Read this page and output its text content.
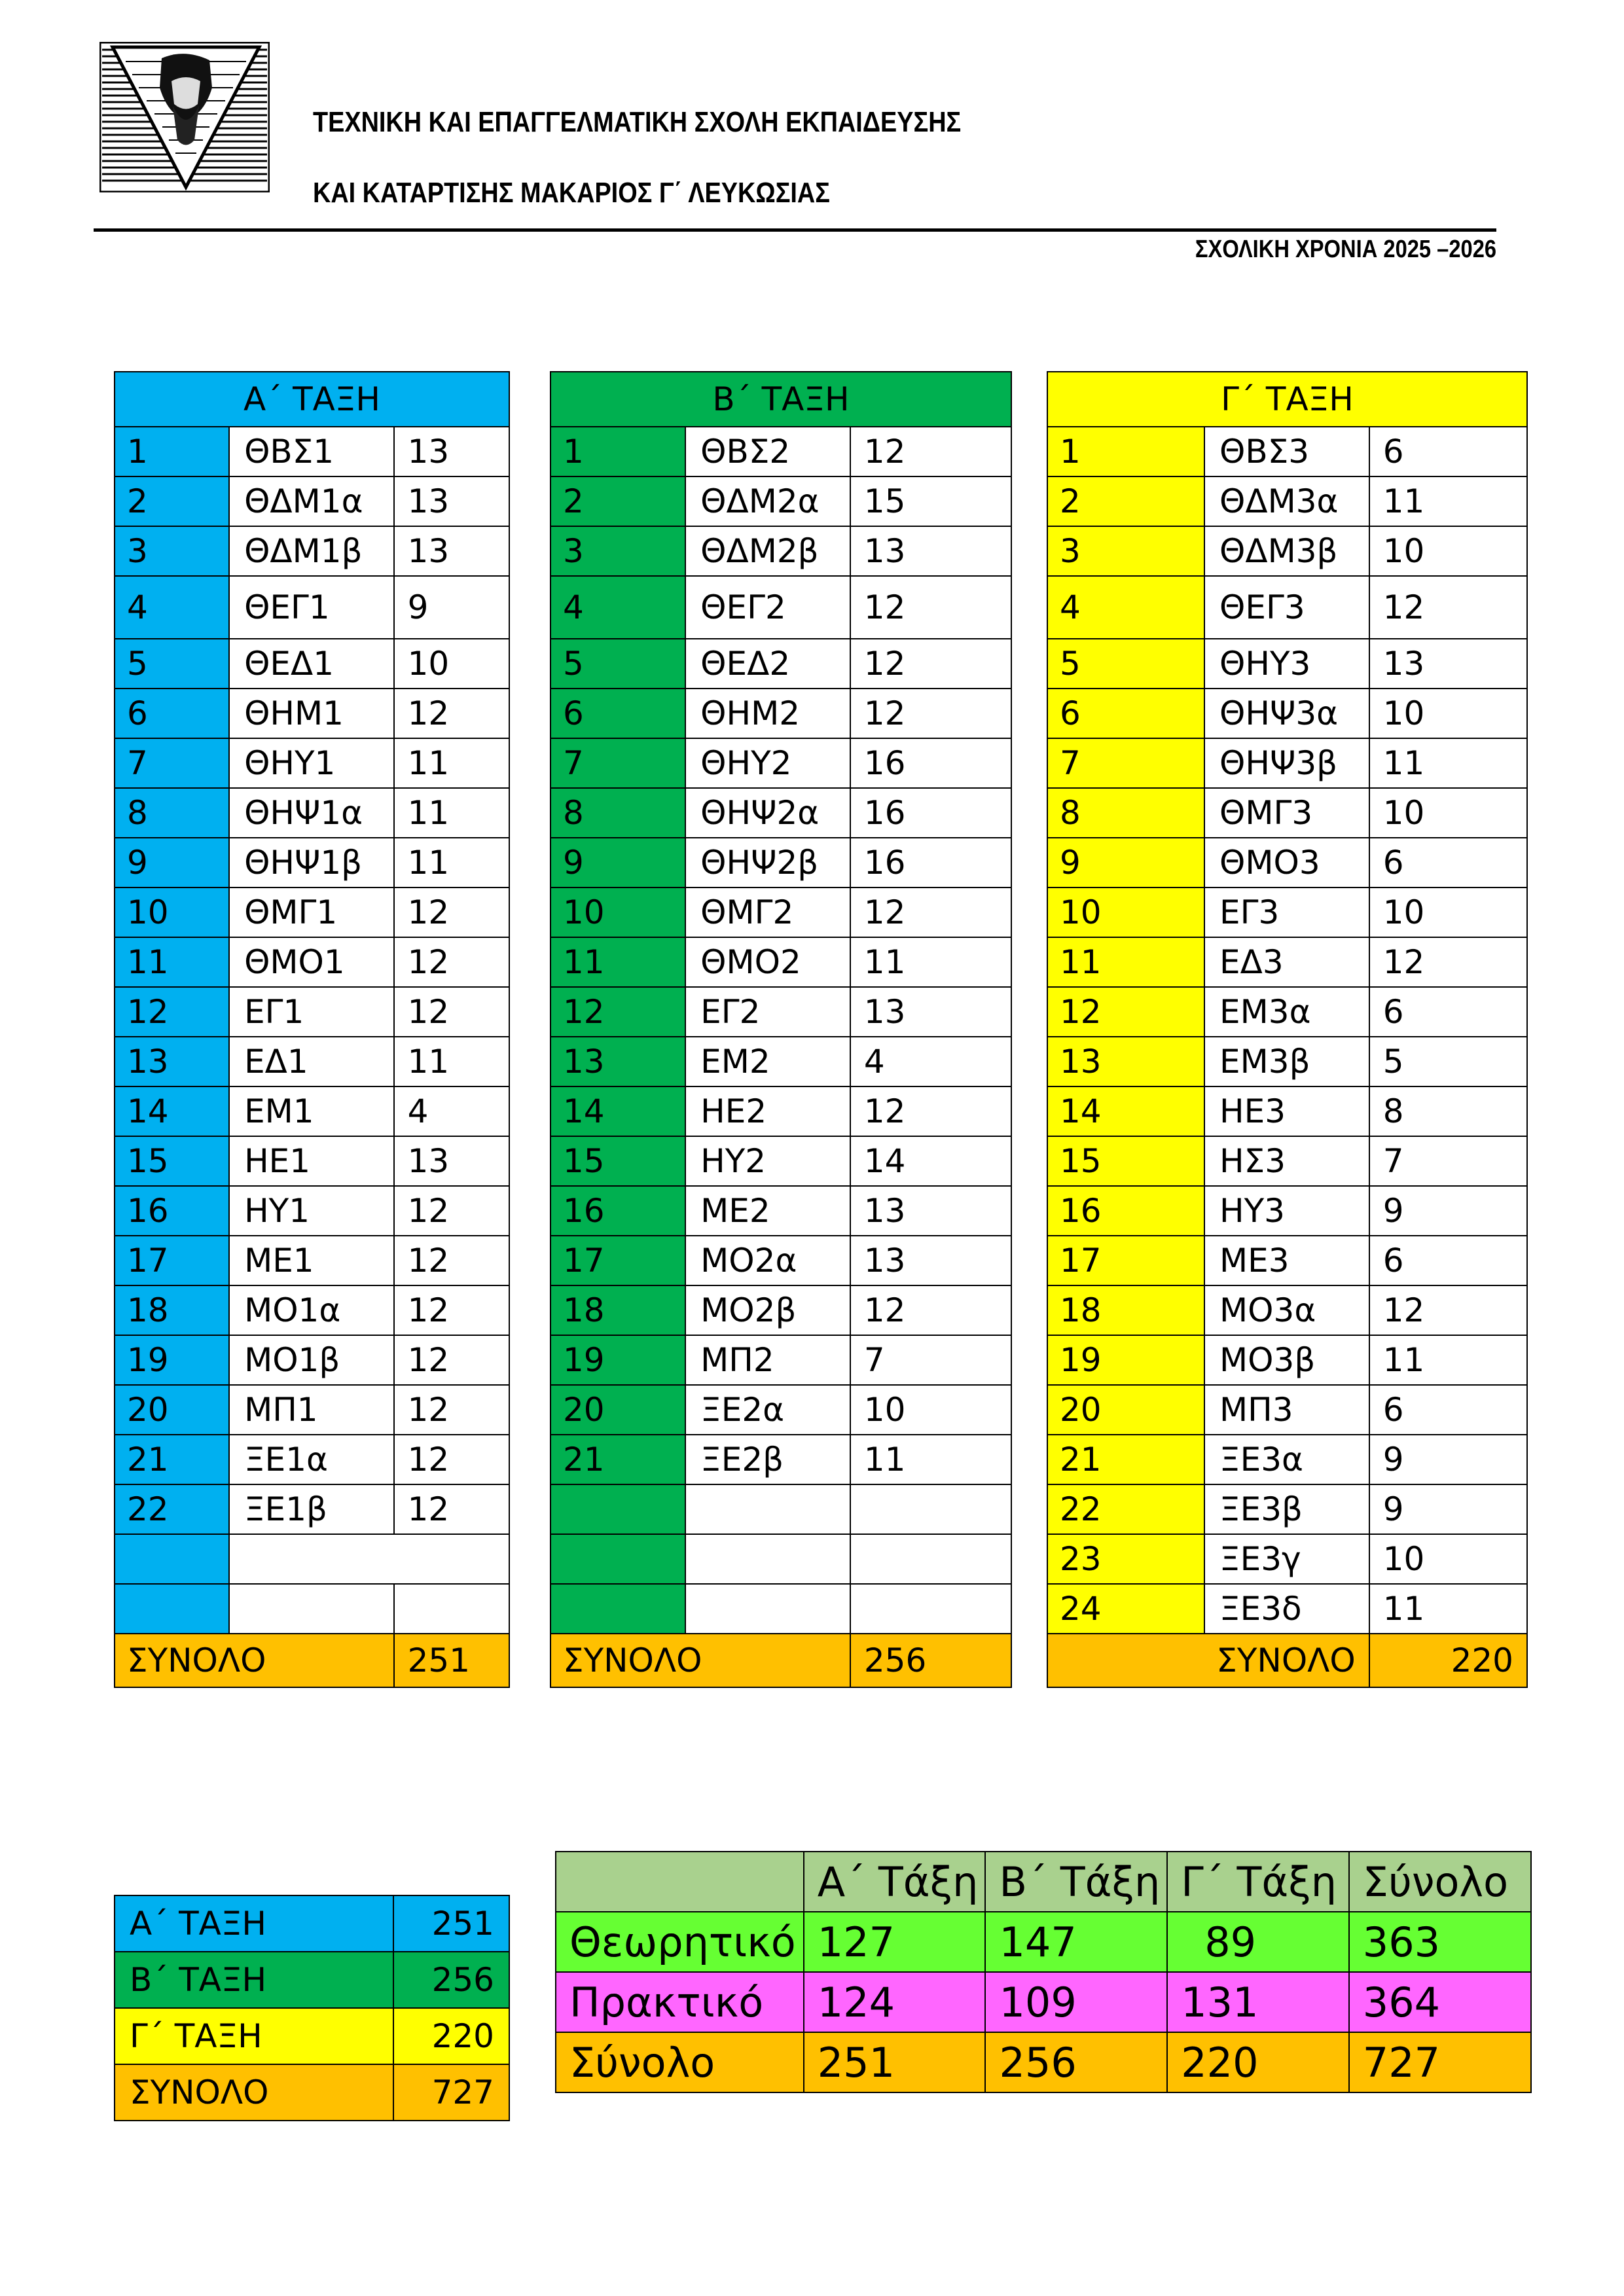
ΤΕΧΝΙΚΗ ΚΑΙ ΕΠΑΓΓΕΛΜΑΤΙΚΗ ΣΧΟΛΗ ΕΚΠΑΙΔΕΥΣΗΣ
ΚΑΙ ΚΑΤΑΡΤΙΣΗΣ ΜΑΚΑΡΙΟΣ Γ΄ ΛΕΥΚΩΣΙΑΣ
ΣΧΟΛΙΚΗ ΧΡΟΝΙΑ 2025 –2026
Α΄ ΤΑΞΗ		
1	ΘΒΣ1	13
2	ΘΔΜ1α	13
3	ΘΔΜ1β	13
4	ΘΕΓ1	9
5	ΘΕΔ1	10
6	ΘΗΜ1	12
7	ΘΗΥ1	11
8	ΘΗΨ1α	11
9	ΘΗΨ1β	11
10	ΘΜΓ1	12
11	ΘΜΟ1	12
12	ΕΓ1	12
13	ΕΔ1	11
14	ΕΜ1	4
15	ΗΕ1	13
16	ΗΥ1	12
17	ΜΕ1	12
18	ΜΟ1α	12
19	ΜΟ1β	12
20	ΜΠ1	12
21	ΞΕ1α	12
22	ΞΕ1β	12

ΣΥΝΟΛΟ		251
Β΄ ΤΑΞΗ		
1	ΘΒΣ2	12
2	ΘΔΜ2α	15
3	ΘΔΜ2β	13
4	ΘΕΓ2	12
5	ΘΕΔ2	12
6	ΘΗΜ2	12
7	ΘΗΥ2	16
8	ΘΗΨ2α	16
9	ΘΗΨ2β	16
10	ΘΜΓ2	12
11	ΘΜΟ2	11
12	ΕΓ2	13
13	ΕΜ2	4
14	ΗΕ2	12
15	ΗΥ2	14
16	ΜΕ2	13
17	ΜΟ2α	13
18	ΜΟ2β	12
19	ΜΠ2	7
20	ΞΕ2α	10
21	ΞΕ2β	11

ΣΥΝΟΛΟ		256
Γ΄ ΤΑΞΗ		
1	ΘΒΣ3	6
2	ΘΔΜ3α	11
3	ΘΔΜ3β	10
4	ΘΕΓ3	12
5	ΘΗΥ3	13
6	ΘΗΨ3α	10
7	ΘΗΨ3β	11
8	ΘΜΓ3	10
9	ΘΜΟ3	6
10	ΕΓ3	10
11	ΕΔ3	12
12	ΕΜ3α	6
13	ΕΜ3β	5
14	ΗΕ3	8
15	ΗΣ3	7
16	ΗΥ3	9
17	ΜΕ3	6
18	ΜΟ3α	12
19	ΜΟ3β	11
20	ΜΠ3	6
21	ΞΕ3α	9
22	ΞΕ3β	9
23	ΞΕ3γ	10
24	ΞΕ3δ	11
ΣΥΝΟΛΟ		220
Α΄ ΤΑΞΗ	251
Β΄ ΤΑΞΗ	256
Γ΄ ΤΑΞΗ	220
ΣΥΝΟΛΟ	727
	Α΄ Τάξη	Β΄ Τάξη	Γ΄ Τάξη	Σύνολο
Θεωρητικό	127	147	89	363
Πρακτικό	124	109	131	364
Σύνολο	251	256	220	727
